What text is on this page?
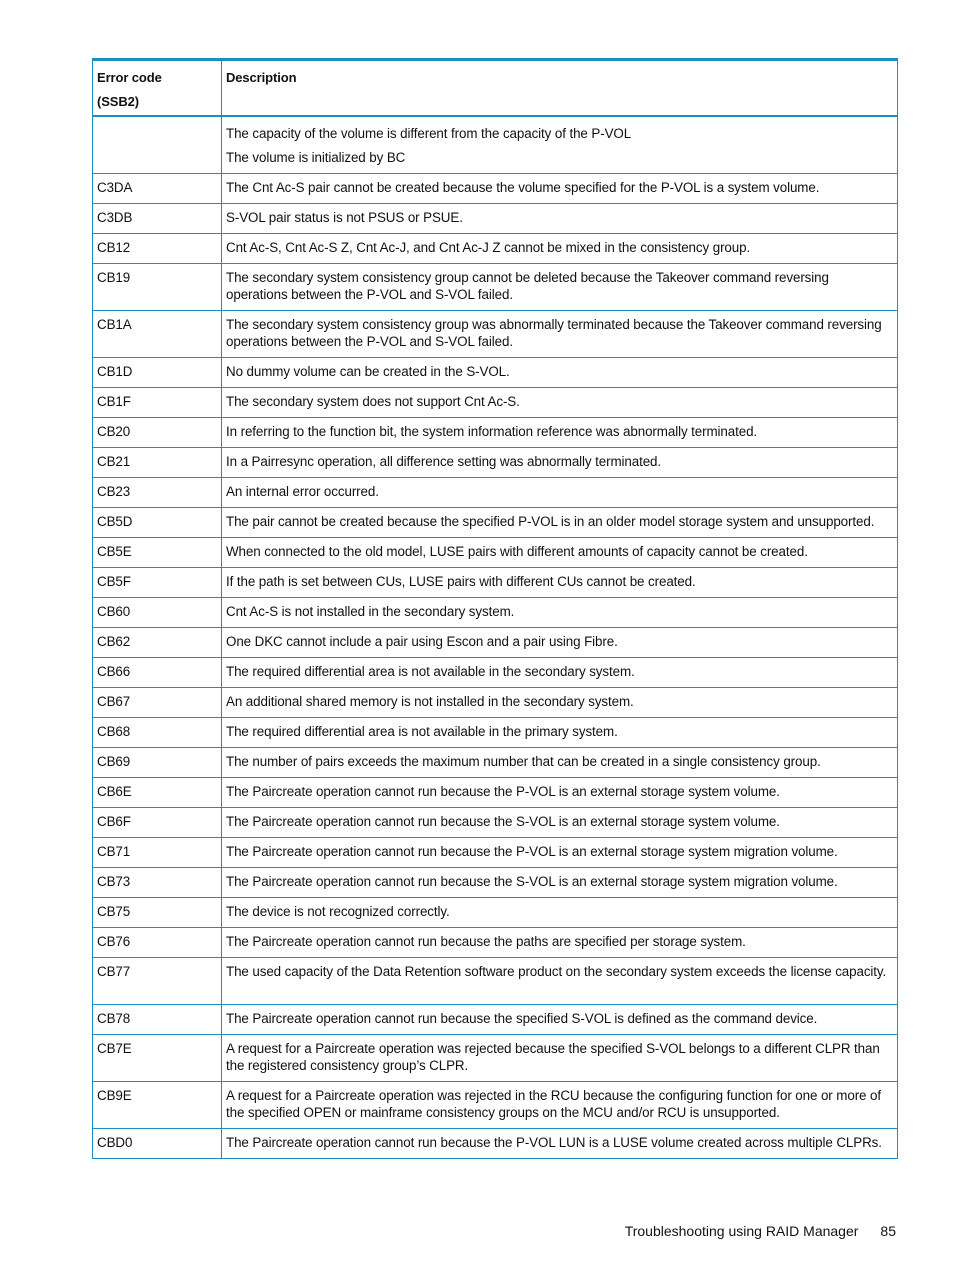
Error code
(SSB2)	Description

	The capacity of the volume is different from the capacity of the P-VOL
The volume is initialized by BC

C3DA	The Cnt Ac-S pair cannot be created because the volume specified for the P-VOL is a system volume.
C3DB	S-VOL pair status is not PSUS or PSUE.
CB12	Cnt Ac-S, Cnt Ac-S Z, Cnt Ac-J, and Cnt Ac-J Z cannot be mixed in the consistency group.
CB19	The secondary system consistency group cannot be deleted because the Takeover command reversing operations between the P-VOL and S-VOL failed.
CB1A	The secondary system consistency group was abnormally terminated because the Takeover command reversing operations between the P-VOL and S-VOL failed.
CB1D	No dummy volume can be created in the S-VOL.
CB1F	The secondary system does not support Cnt Ac-S.
CB20	In referring to the function bit, the system information reference was abnormally terminated.
CB21	In a Pairresync operation, all difference setting was abnormally terminated.
CB23	An internal error occurred.
CB5D	The pair cannot be created because the specified P-VOL is in an older model storage system and unsupported.
CB5E	When connected to the old model, LUSE pairs with different amounts of capacity cannot be created.
CB5F	If the path is set between CUs, LUSE pairs with different CUs cannot be created.
CB60	Cnt Ac-S is not installed in the secondary system.
CB62	One DKC cannot include a pair using Escon and a pair using Fibre.
CB66	The required differential area is not available in the secondary system.
CB67	An additional shared memory is not installed in the secondary system.
CB68	The required differential area is not available in the primary system.
CB69	The number of pairs exceeds the maximum number that can be created in a single consistency group.
CB6E	The Paircreate operation cannot run because the P-VOL is an external storage system volume.
CB6F	The Paircreate operation cannot run because the S-VOL is an external storage system volume.
CB71	The Paircreate operation cannot run because the P-VOL is an external storage system migration volume.
CB73	The Paircreate operation cannot run because the S-VOL is an external storage system migration volume.
CB75	The device is not recognized correctly.
CB76	The Paircreate operation cannot run because the paths are specified per storage system.
CB77	The used capacity of the Data Retention software product on the secondary system exceeds the license capacity.
CB78	The Paircreate operation cannot run because the specified S-VOL is defined as the command device.
CB7E	A request for a Paircreate operation was rejected because the specified S-VOL belongs to a different CLPR than the registered consistency group’s CLPR.
CB9E	A request for a Paircreate operation was rejected in the RCU because the configuring function for one or more of the specified OPEN or mainframe consistency groups on the MCU and/or RCU is unsupported.
CBD0	The Paircreate operation cannot run because the P-VOL LUN is a LUSE volume created across multiple CLPRs.
Troubleshooting using RAID Manager 85
